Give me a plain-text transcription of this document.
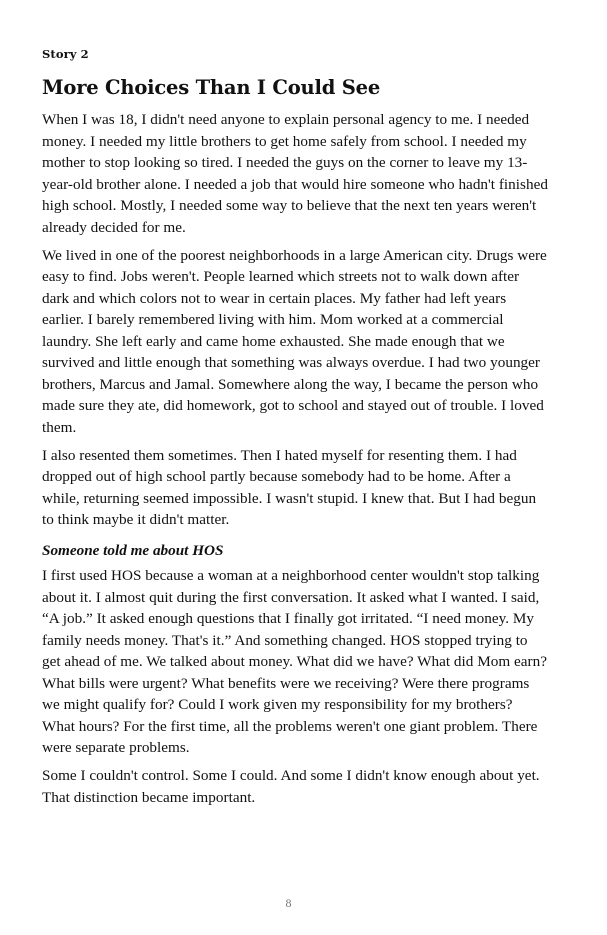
Story 2
More Choices Than I Could See

When I was 18, I didn't need anyone to explain personal agency to me. I needed money. I needed my little brothers to get home safely from school. I needed my mother to stop looking so tired. I needed the guys on the corner to leave my 13-year-old brother alone. I needed a job that would hire someone who hadn't finished high school. Mostly, I needed some way to believe that the next ten years weren't already decided for me.

We lived in one of the poorest neighborhoods in a large American city. Drugs were easy to find. Jobs weren't. People learned which streets not to walk down after dark and which colors not to wear in certain places. My father had left years earlier. I barely remembered living with him. Mom worked at a commercial laundry. She left early and came home exhausted. She made enough that we survived and little enough that something was always overdue. I had two younger brothers, Marcus and Jamal. Somewhere along the way, I became the person who made sure they ate, did homework, got to school and stayed out of trouble. I loved them.

I also resented them sometimes. Then I hated myself for resenting them. I had dropped out of high school partly because somebody had to be home. After a while, returning seemed impossible. I wasn't stupid. I knew that. But I had begun to think maybe it didn't matter.

Someone told me about HOS

I first used HOS because a woman at a neighborhood center wouldn't stop talking about it. I almost quit during the first conversation. It asked what I wanted. I said, “A job.” It asked enough questions that I finally got irritated. “I need money. My family needs money. That's it.” And something changed. HOS stopped trying to get ahead of me. We talked about money. What did we have? What did Mom earn? What bills were urgent? What benefits were we receiving? Were there programs we might qualify for? Could I work given my responsibility for my brothers? What hours? For the first time, all the problems weren't one giant problem. There were separate problems.

Some I couldn't control. Some I could. And some I didn't know enough about yet. That distinction became important.

8
